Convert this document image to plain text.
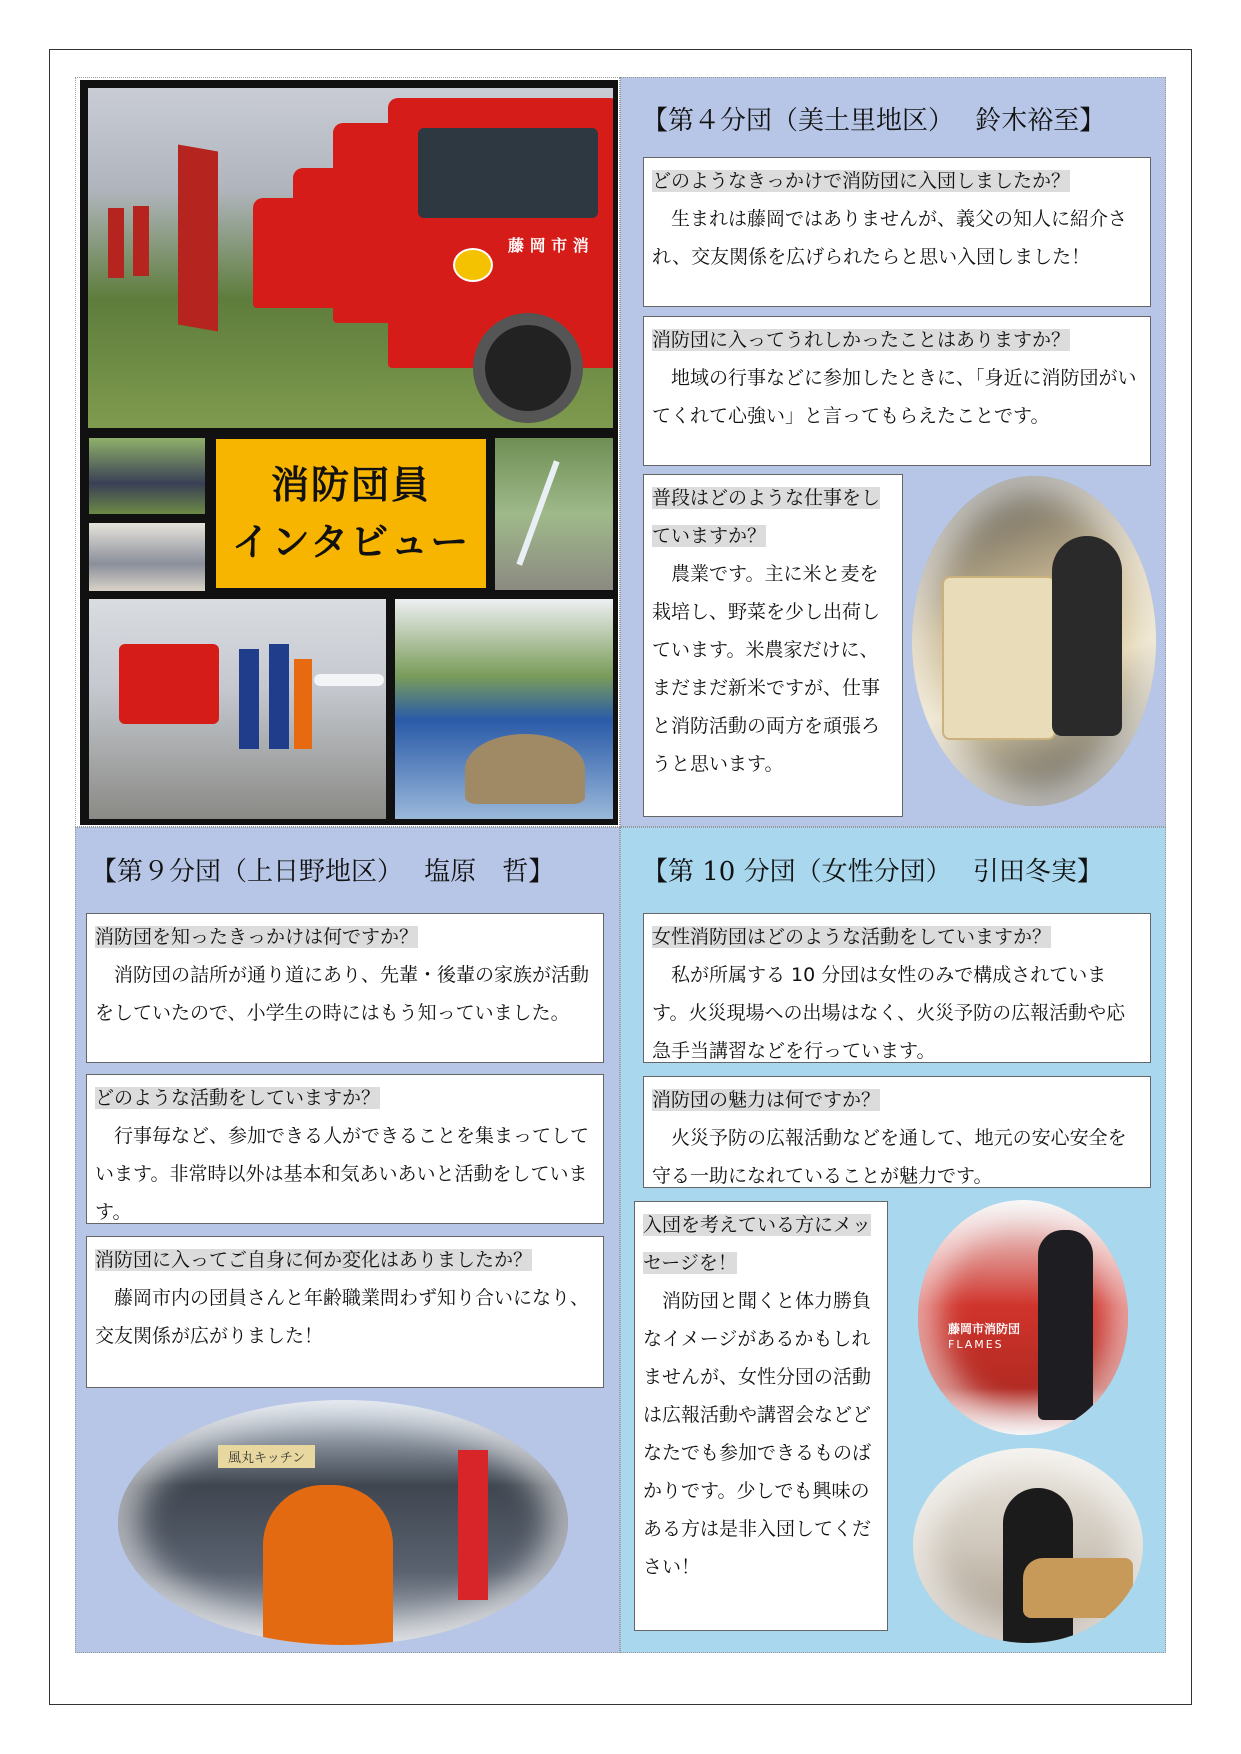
藤 岡 市 消
消防団員
インタビュー
【第４分団（美土里地区）　 鈴木裕至】

どのようなきっかけで消防団に入団しましたか？

生まれは藤岡ではありませんが、義父の知人に紹介され、交友関係を広げられたらと思い入団しました！

消防団に入ってうれしかったことはありますか？

地域の行事などに参加したときに、「身近に消防団がいてくれて心強い」と言ってもらえたことです。

普段はどのような仕事をしていますか？

農業です。主に米と麦を栽培し、野菜を少し出荷しています。米農家だけに、まだまだ新米ですが、仕事と消防活動の両方を頑張ろうと思います。

【第９分団（上日野地区）　 塩原　哲】

消防団を知ったきっかけは何ですか？

消防団の詰所が通り道にあり、先輩・後輩の家族が活動をしていたので、小学生の時にはもう知っていました。

どのような活動をしていますか？

行事毎など、参加できる人ができることを集まってしています。非常時以外は基本和気あいあいと活動をしています。

消防団に入ってご自身に何か変化はありましたか？

藤岡市内の団員さんと年齢職業問わず知り合いになり、交友関係が広がりました！

風丸キッチン
【第 10 分団（女性分団）　 引田冬実】

女性消防団はどのような活動をしていますか？

私が所属する 10 分団は女性のみで構成されています。火災現場への出場はなく、火災予防の広報活動や応急手当講習などを行っています。

消防団の魅力は何ですか？

火災予防の広報活動などを通して、地元の安心安全を守る一助になれていることが魅力です。

入団を考えている方にメッセージを！

消防団と聞くと体力勝負なイメージがあるかもしれませんが、女性分団の活動は広報活動や講習会などどなたでも参加できるものばかりです。少しでも興味のある方は是非入団してください！

藤岡市消防団
FLAMES
